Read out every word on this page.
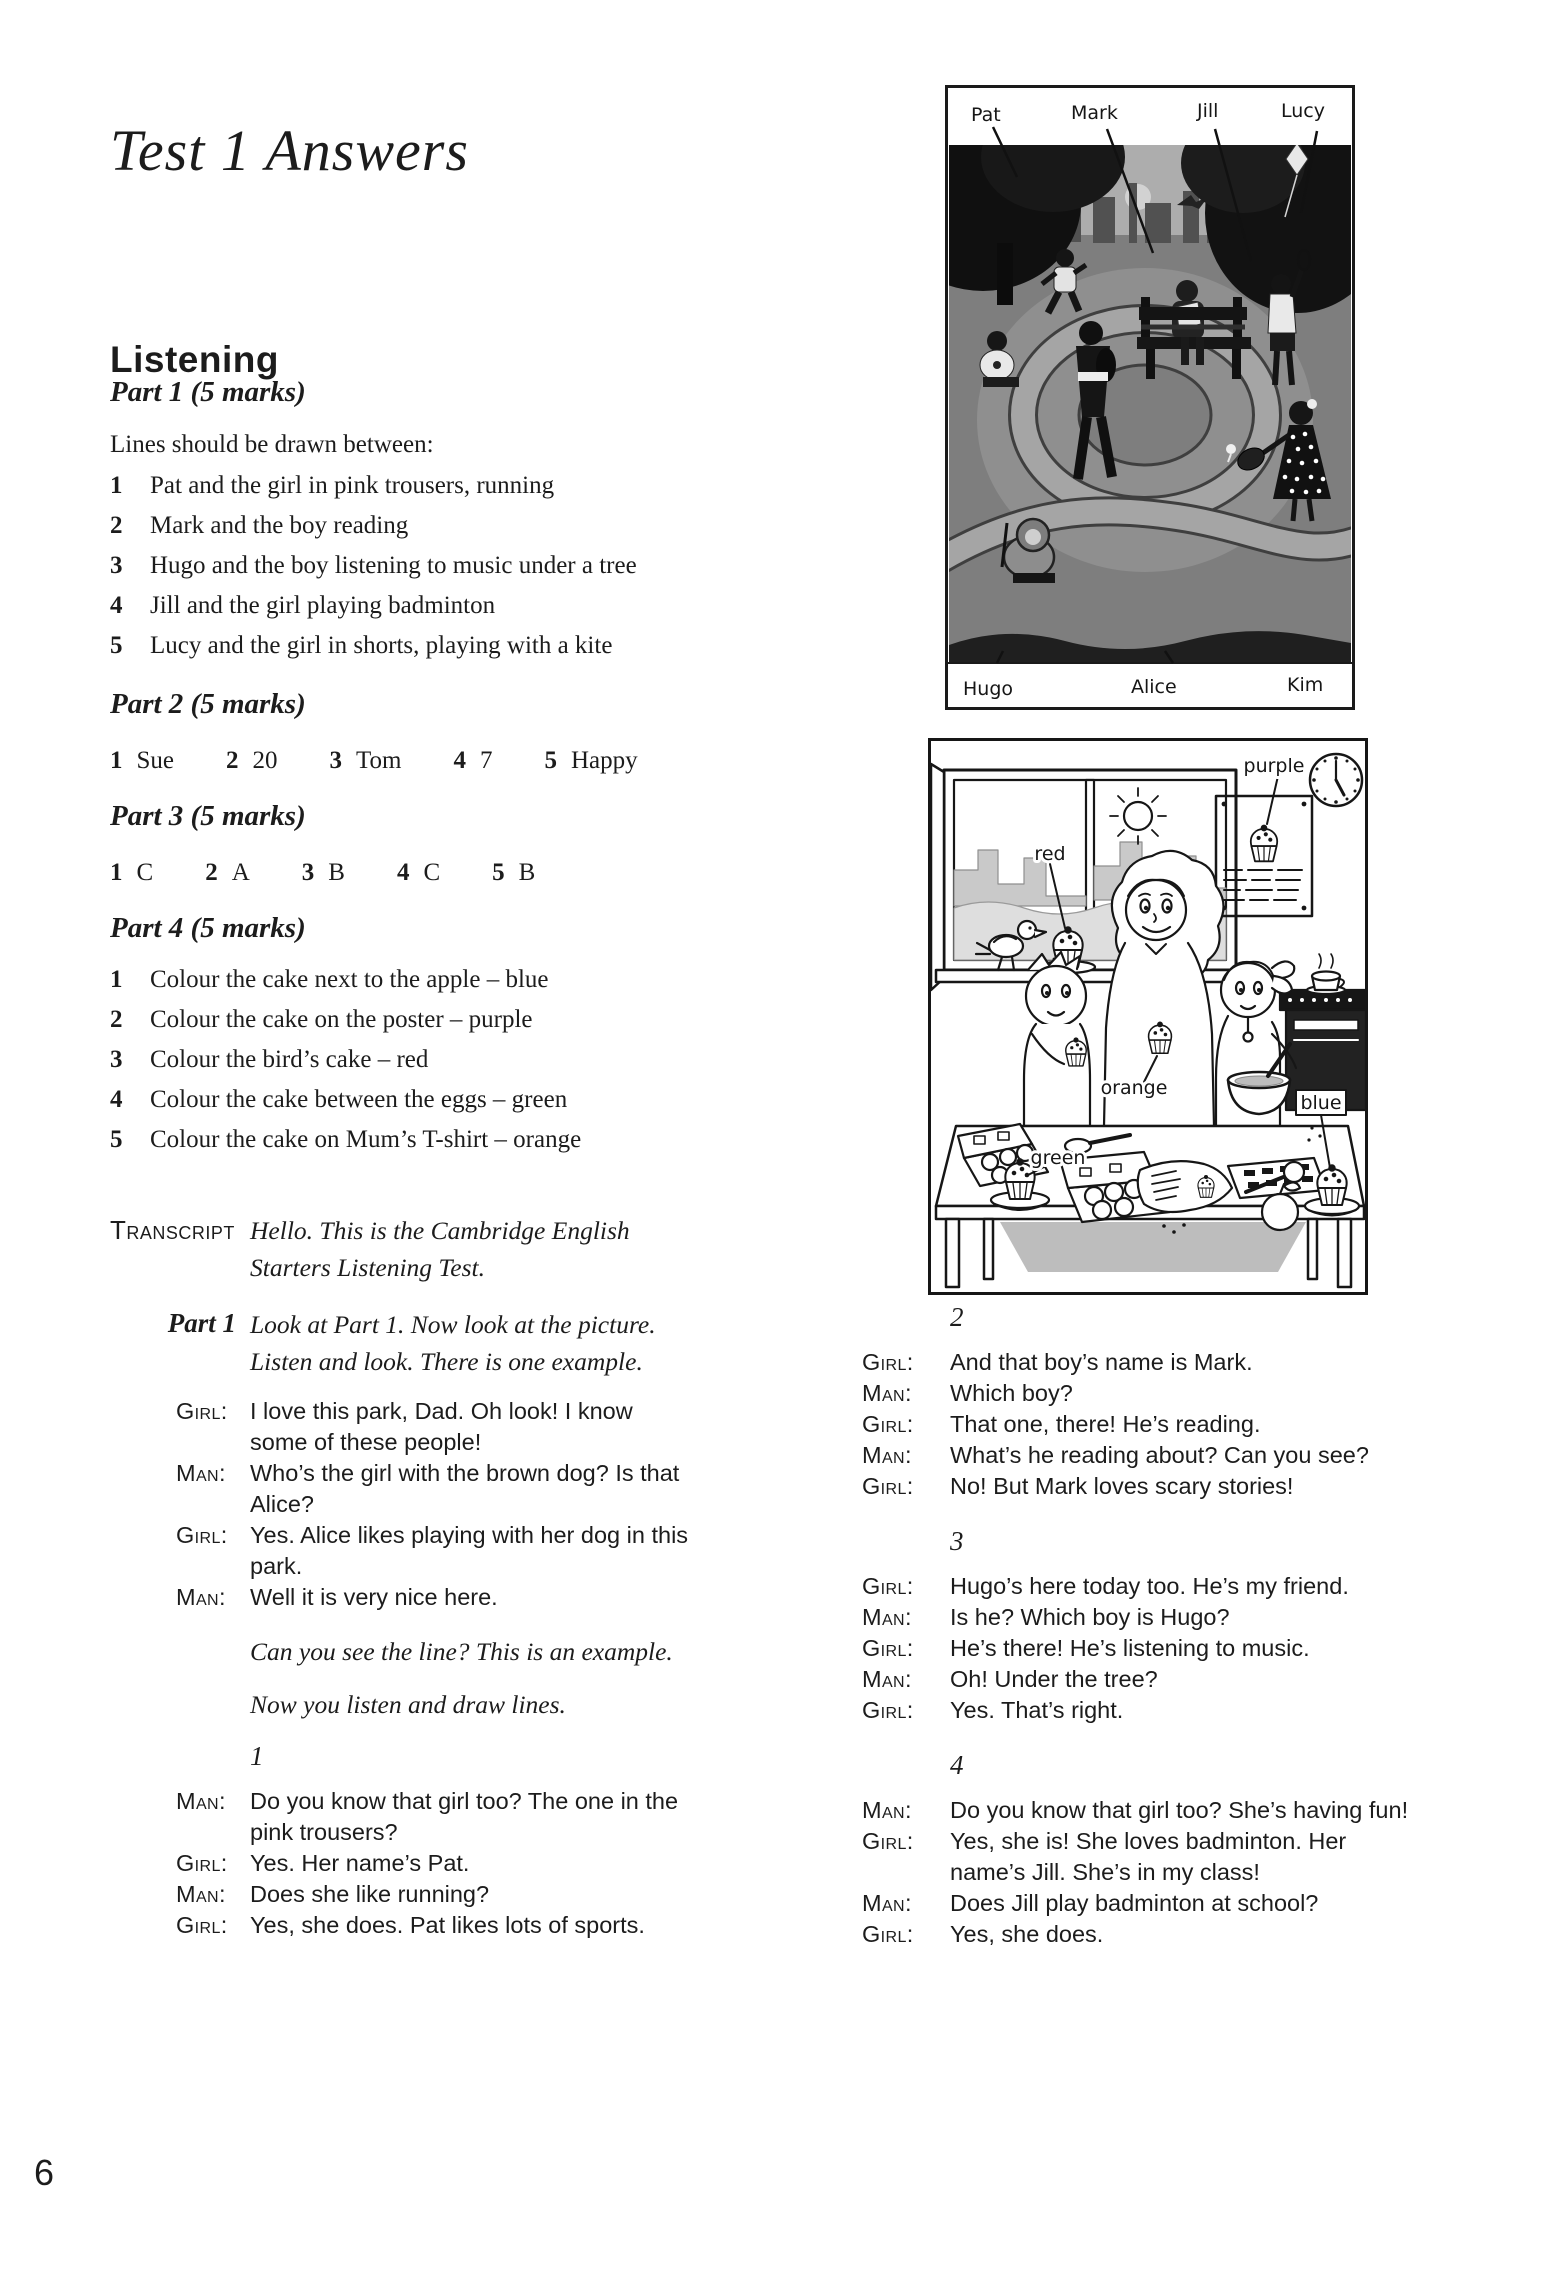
Test 1 Answers
Listening
Part 1 (5 marks)
Lines should be drawn between:
1	Pat and the girl in pink trousers, running
2	Mark and the boy reading
3	Hugo and the boy listening to music under a tree
4	Jill and the girl playing badminton
5	Lucy and the girl in shorts, playing with a kite
Part 2 (5 marks)
1 Sue 2 20 3 Tom 4 7 5 Happy
Part 3 (5 marks)
1 C 2 A 3 B 4 C 5 B
Part 4 (5 marks)
1	Colour the cake next to the apple – blue
2	Colour the cake on the poster – purple
3	Colour the bird’s cake – red
4	Colour the cake between the eggs – green
5	Colour the cake on Mum’s T-shirt – orange
Transcript Hello. This is the Cambridge English Starters Listening Test.
Part 1 Look at Part 1. Now look at the picture. Listen and look. There is one example.
Girl: I love this park, Dad. Oh look! I know some of these people!
Man:	Who’s the girl with the brown dog? Is that Alice?
Girl: Yes. Alice likes playing with her dog in this park.
Man:	Well it is very nice here.
Can you see the line? This is an example.
Now you listen and draw lines.
1
Man:	Do you know that girl too? The one in the pink trousers?
Girl: Yes. Her name’s Pat.
Man:	Does she like running?
Girl: Yes, she does. Pat likes lots of sports.
Pat	Mark	Jill	Lucy
Hugo	Alice	Kim
red
purple
orange
green
blue
2
Girl:	And that boy’s name is Mark.
Man:	Which boy?
Girl:	That one, there! He’s reading.
Man:	What’s he reading about? Can you see?
Girl:	No! But Mark loves scary stories!
3
Girl:	Hugo’s here today too. He’s my friend.
Man:	Is he? Which boy is Hugo?
Girl:	He’s there! He’s listening to music.
Man:	Oh! Under the tree?
Girl:	Yes. That’s right.
4
Man:	Do you know that girl too? She’s having fun!
Girl:	Yes, she is! She loves badminton. Her name’s Jill. She’s in my class!
Man:	Does Jill play badminton at school?
Girl:	Yes, she does.
6
